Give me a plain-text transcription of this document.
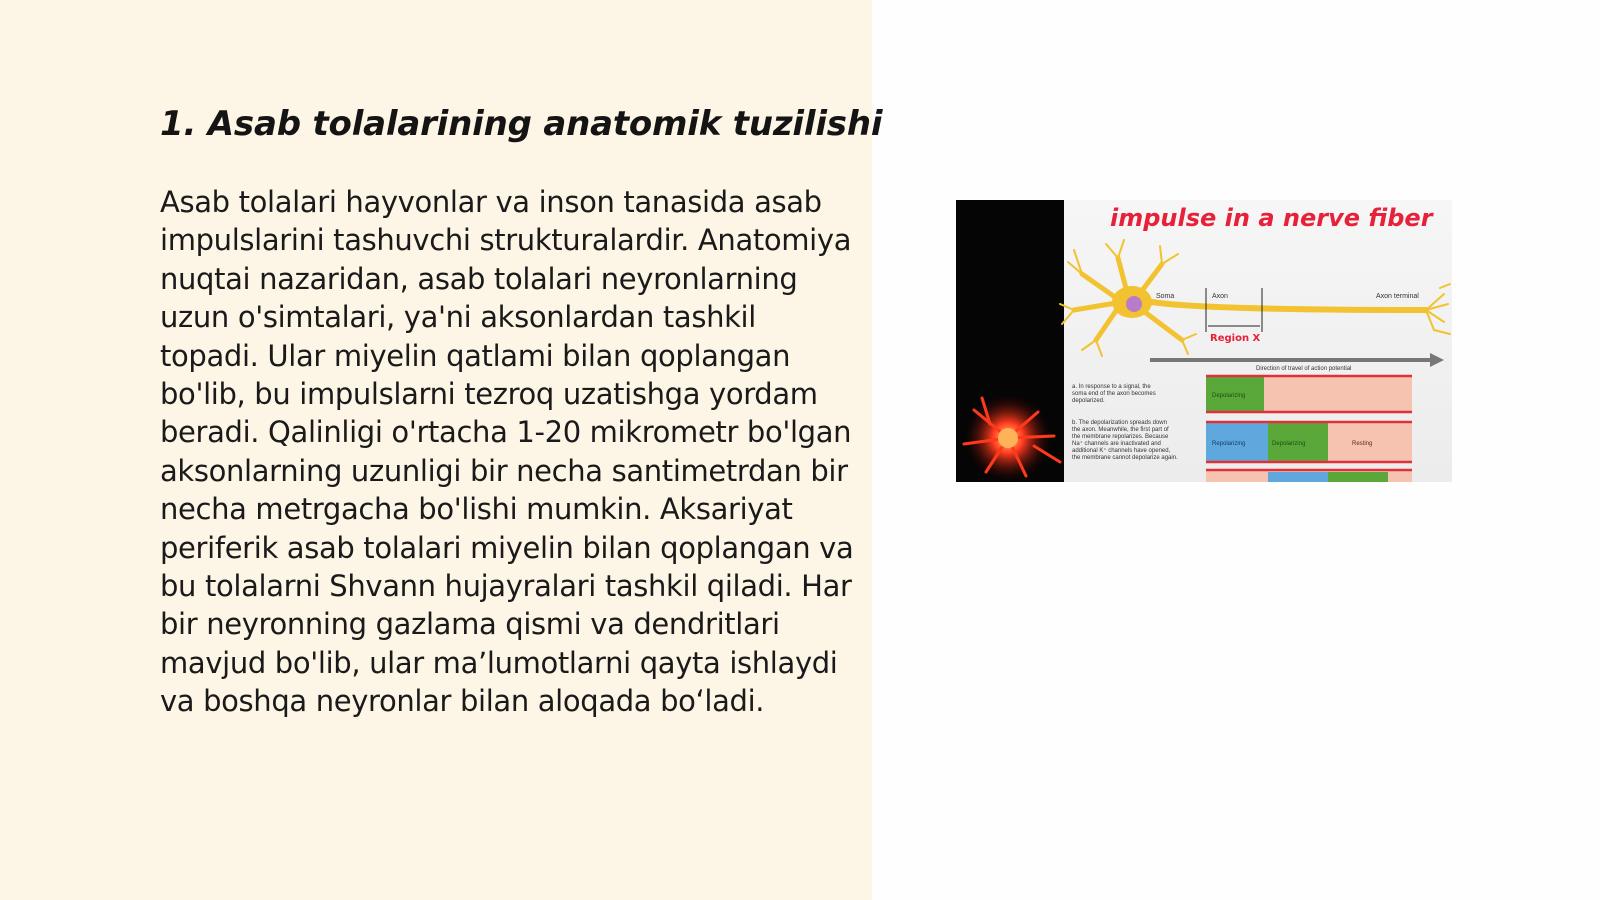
1. Asab tolalarining anatomik tuzilishi

Asab tolalari hayvonlar va inson tanasida asab impulslarini tashuvchi strukturalardir. Anatomiya nuqtai nazaridan, asab tolalari neyronlarning uzun o'simtalari, ya'ni aksonlardan tashkil topadi. Ular miyelin qatlami bilan qoplangan bo'lib, bu impulslarni tezroq uzatishga yordam beradi. Qalinligi o'rtacha 1-20 mikrometr bo'lgan aksonlarning uzunligi bir necha santimetrdan bir necha metrgacha bo'lishi mumkin. Aksariyat periferik asab tolalari miyelin bilan qoplangan va bu tolalarni Shvann hujayralari tashkil qiladi. Har bir neyronning gazlama qismi va dendritlari mavjud bo'lib, ular ma’lumotlarni qayta ishlaydi va boshqa neyronlar bilan aloqada bo‘ladi.

impulse in a nerve fiber
Soma	Axon	Axon terminal
Region X
Direction of travel of action potential
a. In response to a signal, the
soma end of the axon becomes
depolarized.
Depolarizing
b. The depolarization spreads down
the axon. Meanwhile, the first part of
the membrane repolarizes. Because
Na⁺ channels are inactivated and
additional K⁺ channels have opened,
the membrane cannot depolarize again.
Repolarizing	Depolarizing	Resting
